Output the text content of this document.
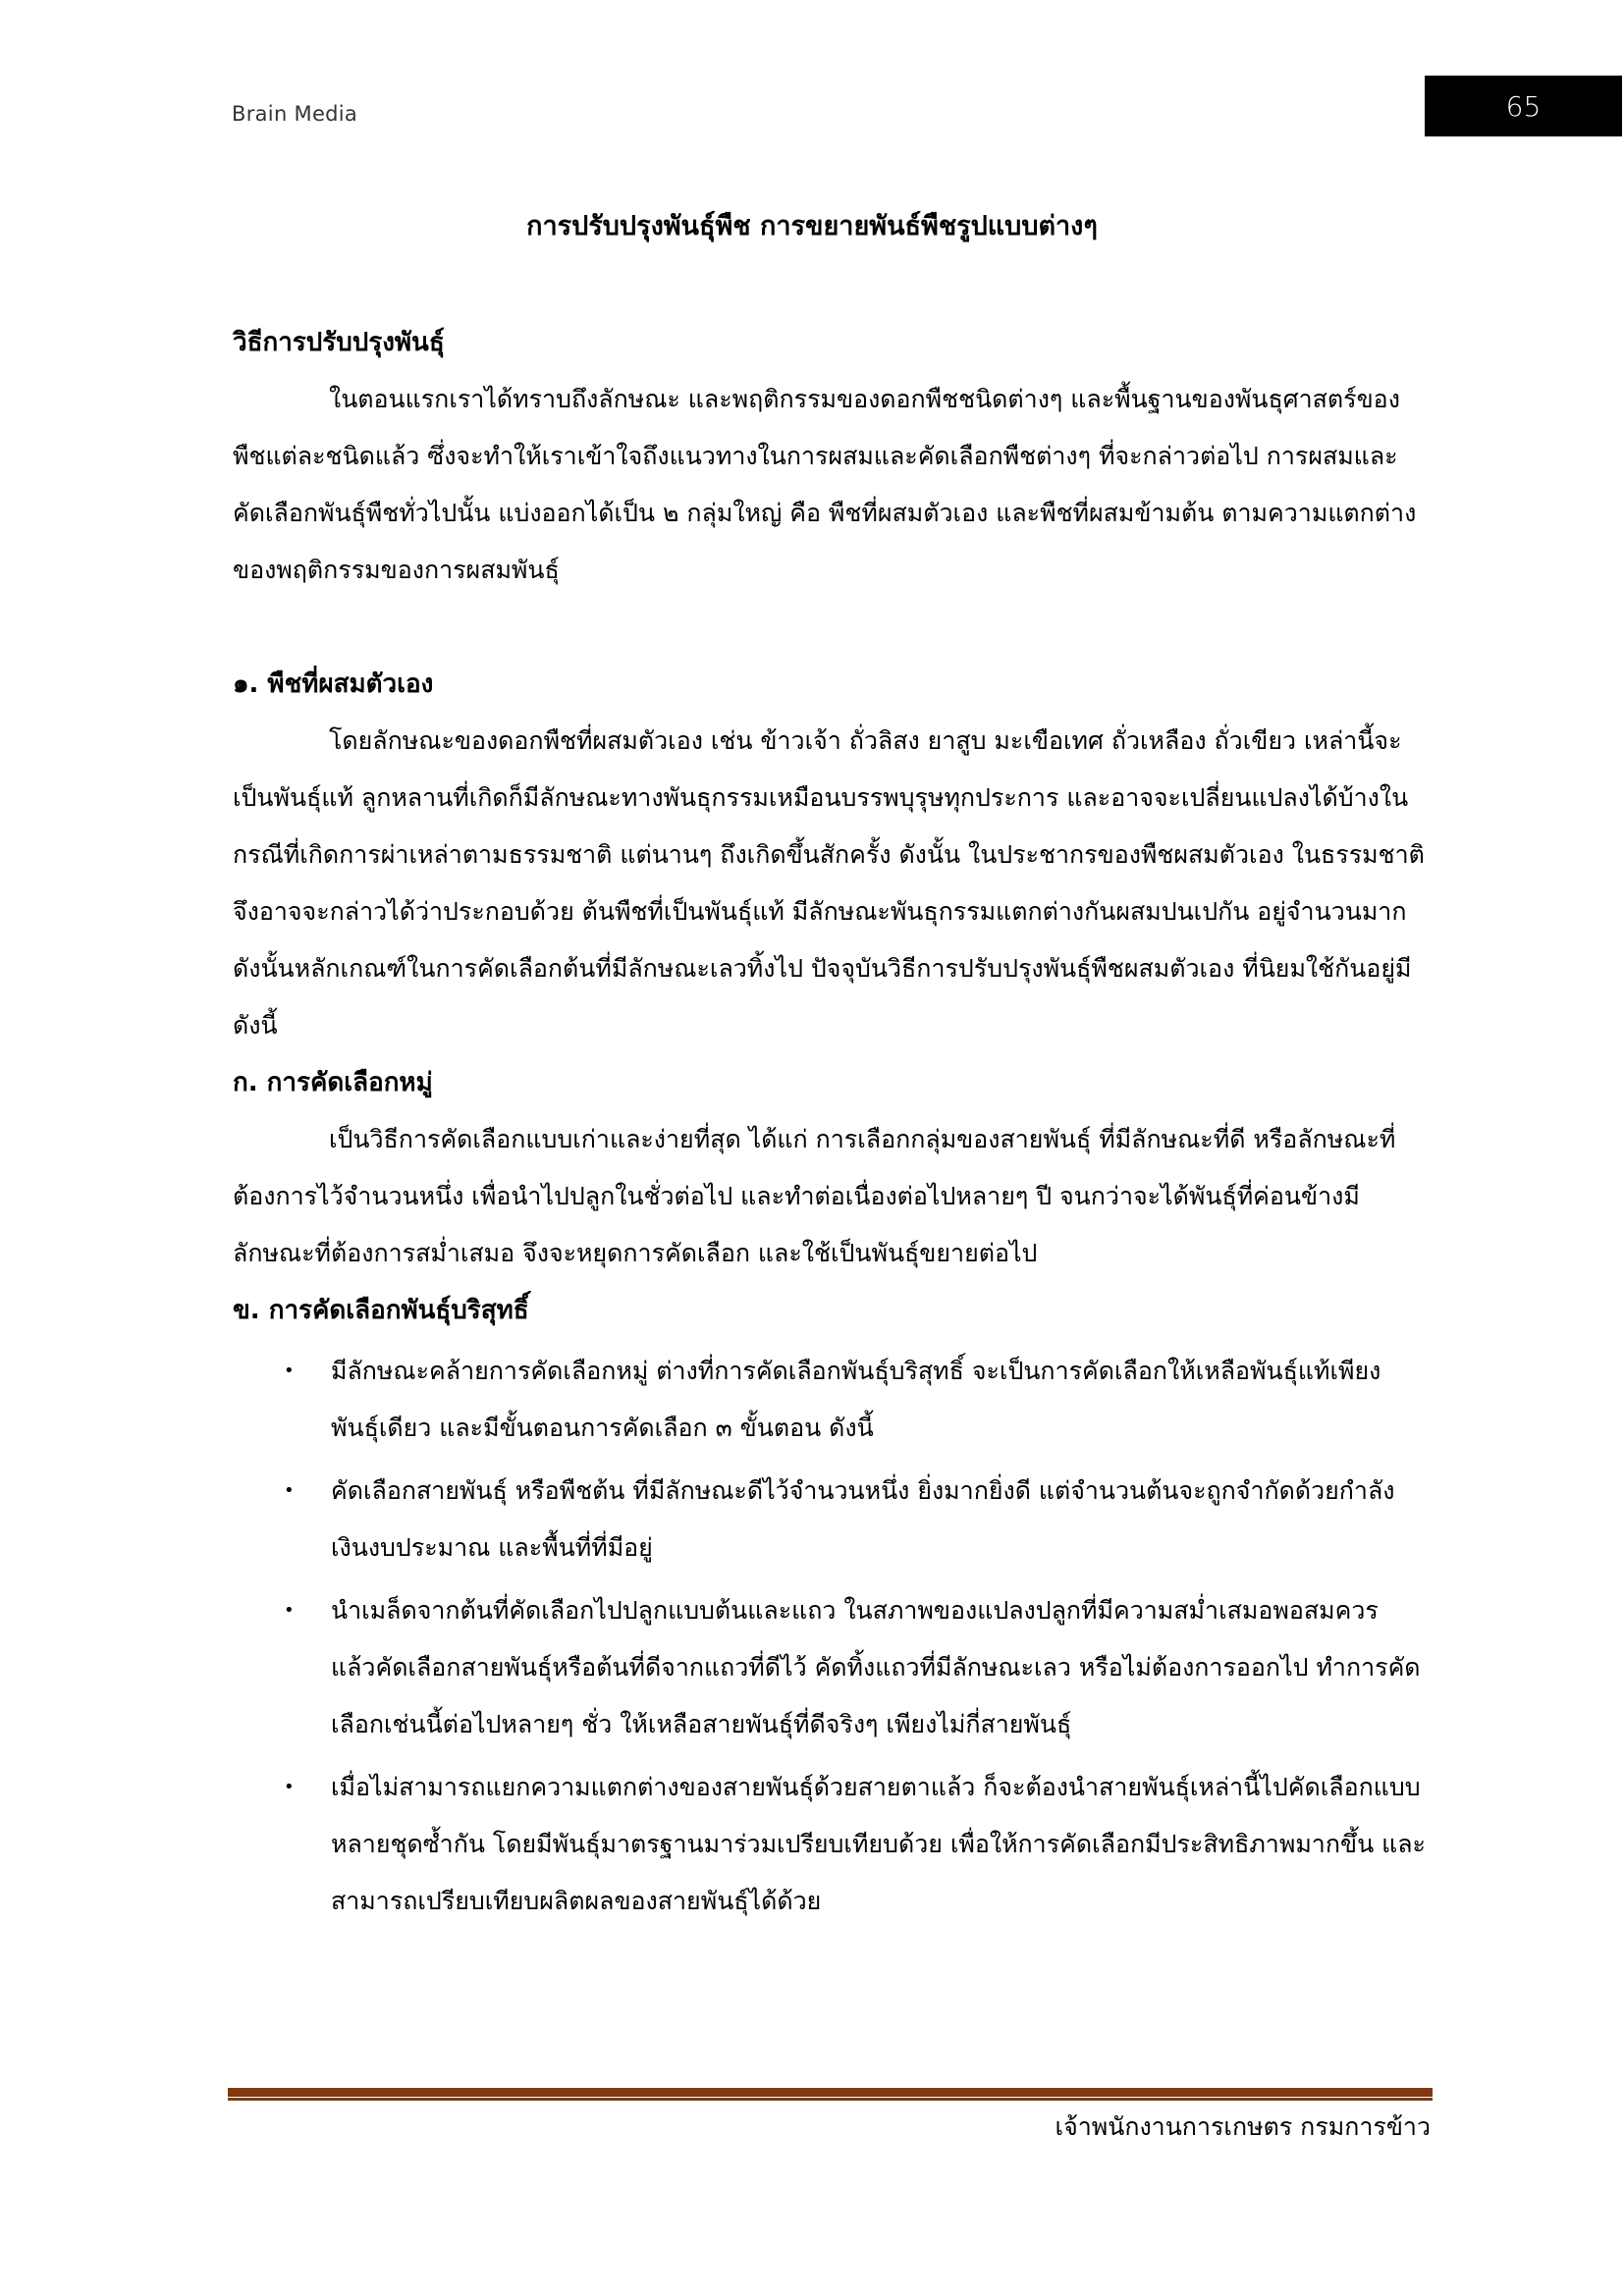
Brain Media	65
การปรับปรุงพันธุ์พืช การขยายพันธ์พืชรูปแบบต่างๆ
วิธีการปรับปรุงพันธุ์

ในตอนแรกเราได้ทราบถึงลักษณะ และพฤติกรรมของดอกพืชชนิดต่างๆ และพื้นฐานของพันธุศาสตร์ของพืชแต่ละชนิดแล้ว ซึ่งจะทำให้เราเข้าใจถึงแนวทางในการผสมและคัดเลือกพืชต่างๆ ที่จะกล่าวต่อไป การผสมและคัดเลือกพันธุ์พืชทั่วไปนั้น แบ่งออกได้เป็น ๒ กลุ่มใหญ่ คือ พืชที่ผสมตัวเอง และพืชที่ผสมข้ามต้น ตามความแตกต่างของพฤติกรรมของการผสมพันธุ์

๑. พืชที่ผสมตัวเอง

โดยลักษณะของดอกพืชที่ผสมตัวเอง เช่น ข้าวเจ้า ถั่วลิสง ยาสูบ มะเขือเทศ ถั่วเหลือง ถั่วเขียว เหล่านี้จะเป็นพันธุ์แท้ ลูกหลานที่เกิดก็มีลักษณะทางพันธุกรรมเหมือนบรรพบุรุษทุกประการ และอาจจะเปลี่ยนแปลงได้บ้างในกรณีที่เกิดการผ่าเหล่าตามธรรมชาติ แต่นานๆ ถึงเกิดขึ้นสักครั้ง ดังนั้น ในประชากรของพืชผสมตัวเอง ในธรรมชาติ จึงอาจจะกล่าวได้ว่าประกอบด้วย ต้นพืชที่เป็นพันธุ์แท้ มีลักษณะพันธุกรรมแตกต่างกันผสมปนเปกัน อยู่จำนวนมาก ดังนั้นหลักเกณฑ์ในการคัดเลือกต้นที่มีลักษณะเลวทิ้งไป ปัจจุบันวิธีการปรับปรุงพันธุ์พืชผสมตัวเอง ที่นิยมใช้กันอยู่มีดังนี้

ก. การคัดเลือกหมู่

เป็นวิธีการคัดเลือกแบบเก่าและง่ายที่สุด ได้แก่ การเลือกกลุ่มของสายพันธุ์ ที่มีลักษณะที่ดี หรือลักษณะที่ต้องการไว้จำนวนหนึ่ง เพื่อนำไปปลูกในชั่วต่อไป และทำต่อเนื่องต่อไปหลายๆ ปี จนกว่าจะได้พันธุ์ที่ค่อนข้างมีลักษณะที่ต้องการสม่ำเสมอ จึงจะหยุดการคัดเลือก และใช้เป็นพันธุ์ขยายต่อไป

ข. การคัดเลือกพันธุ์บริสุทธิ์
• มีลักษณะคล้ายการคัดเลือกหมู่ ต่างที่การคัดเลือกพันธุ์บริสุทธิ์ จะเป็นการคัดเลือกให้เหลือพันธุ์แท้เพียงพันธุ์เดียว และมีขั้นตอนการคัดเลือก ๓ ขั้นตอน ดังนี้
• คัดเลือกสายพันธุ์ หรือพืชต้น ที่มีลักษณะดีไว้จำนวนหนึ่ง ยิ่งมากยิ่งดี แต่จำนวนต้นจะถูกจำกัดด้วยกำลังเงินงบประมาณ และพื้นที่ที่มีอยู่
• นำเมล็ดจากต้นที่คัดเลือกไปปลูกแบบต้นและแถว ในสภาพของแปลงปลูกที่มีความสม่ำเสมอพอสมควร แล้วคัดเลือกสายพันธุ์หรือต้นที่ดีจากแถวที่ดีไว้ คัดทิ้งแถวที่มีลักษณะเลว หรือไม่ต้องการออกไป ทำการคัดเลือกเช่นนี้ต่อไปหลายๆ ชั่ว ให้เหลือสายพันธุ์ที่ดีจริงๆ เพียงไม่กี่สายพันธุ์
• เมื่อไม่สามารถแยกความแตกต่างของสายพันธุ์ด้วยสายตาแล้ว ก็จะต้องนำสายพันธุ์เหล่านี้ไปคัดเลือกแบบหลายชุดซ้ำกัน โดยมีพันธุ์มาตรฐานมาร่วมเปรียบเทียบด้วย เพื่อให้การคัดเลือกมีประสิทธิภาพมากขึ้น และสามารถเปรียบเทียบผลิตผลของสายพันธุ์ได้ด้วย
เจ้าพนักงานการเกษตร กรมการข้าว
